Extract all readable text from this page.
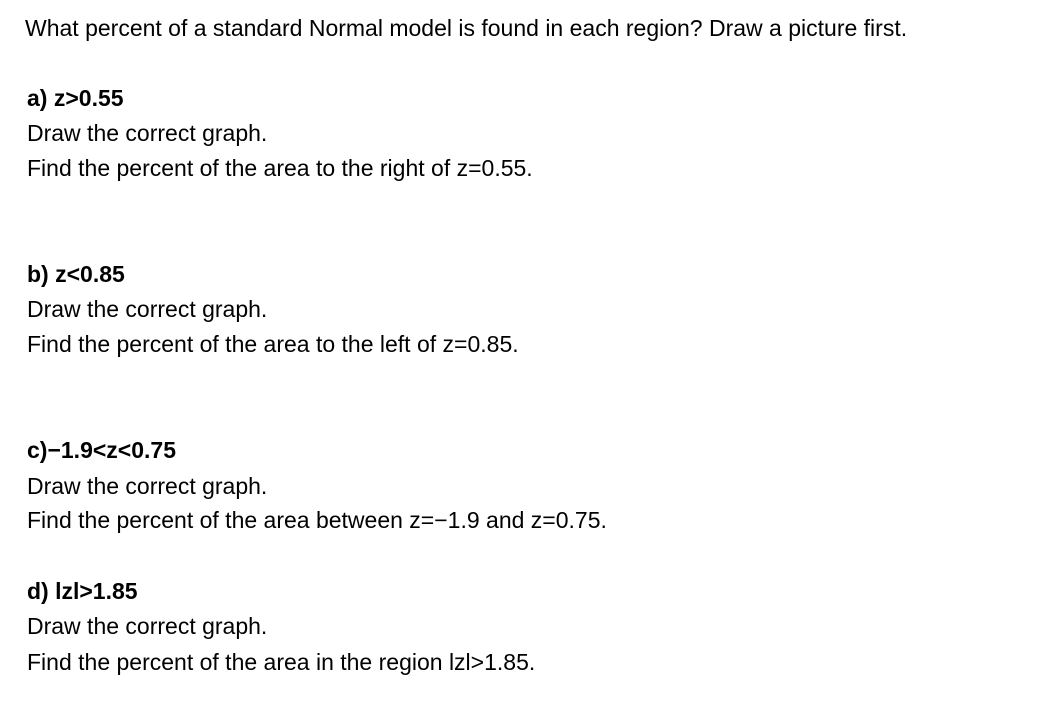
What percent of a standard Normal model is found in each region? Draw a picture first.
a) z>0.55
Draw the correct graph.
Find the percent of the area to the right of z=0.55.
b) z<0.85
Draw the correct graph.
Find the percent of the area to the left of z=0.85.
c)−1.9<z<0.75
Draw the correct graph.
Find the percent of the area between z=−1.9 and z=0.75.
d) lzl>1.85
Draw the correct graph.
Find the percent of the area in the region lzl>1.85.
